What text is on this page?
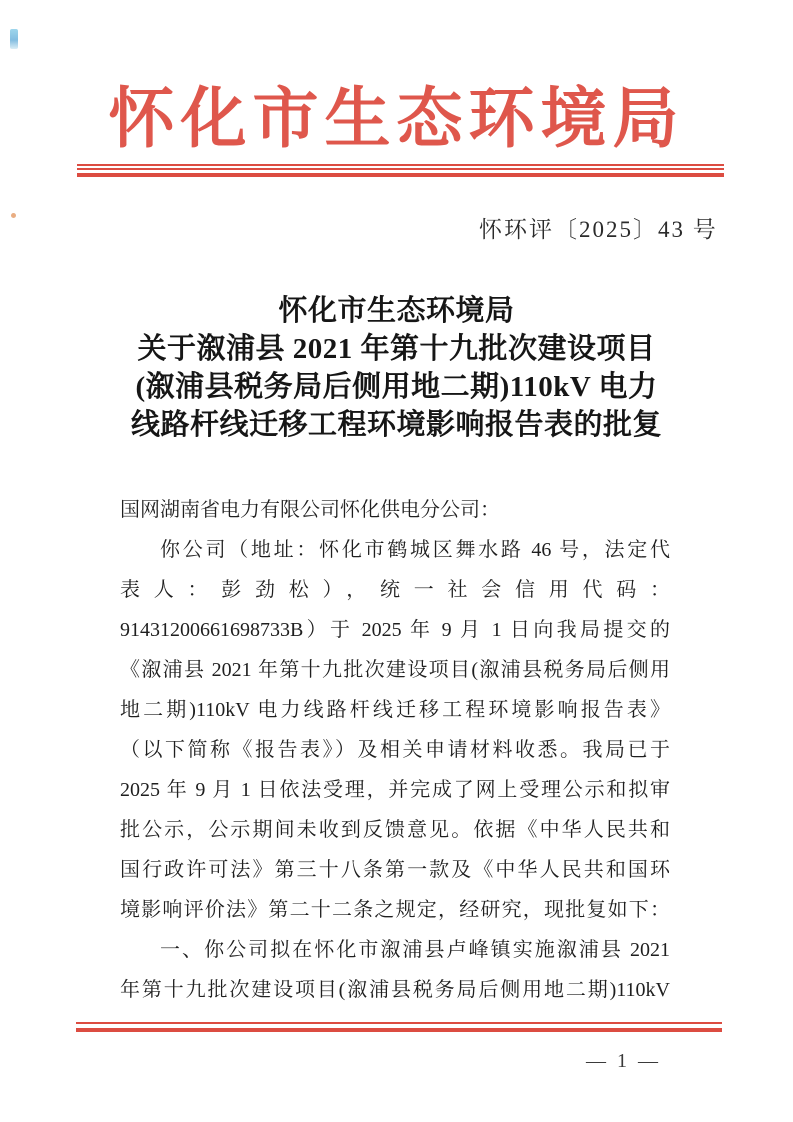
怀化市生态环境局
怀环评〔2025〕43 号
怀化市生态环境局
关于溆浦县 2021 年第十九批次建设项目
(溆浦县税务局后侧用地二期)110kV 电力
线路杆线迁移工程环境影响报告表的批复
国网湖南省电力有限公司怀化供电分公司：
你公司（地址：怀化市鹤城区舞水路 46 号，法定代
表人：彭劲松），统一社会信用代码：
91431200661698733B）于 2025 年 9 月 1 日向我局提交的
《溆浦县 2021 年第十九批次建设项目(溆浦县税务局后侧用
地二期)110kV 电力线路杆线迁移工程环境影响报告表》
（以下简称《报告表》）及相关申请材料收悉。我局已于
2025 年 9 月 1 日依法受理，并完成了网上受理公示和拟审
批公示，公示期间未收到反馈意见。依据《中华人民共和
国行政许可法》第三十八条第一款及《中华人民共和国环
境影响评价法》第二十二条之规定，经研究，现批复如下：
一、你公司拟在怀化市溆浦县卢峰镇实施溆浦县 2021
年第十九批次建设项目(溆浦县税务局后侧用地二期)110kV
— 1 —
